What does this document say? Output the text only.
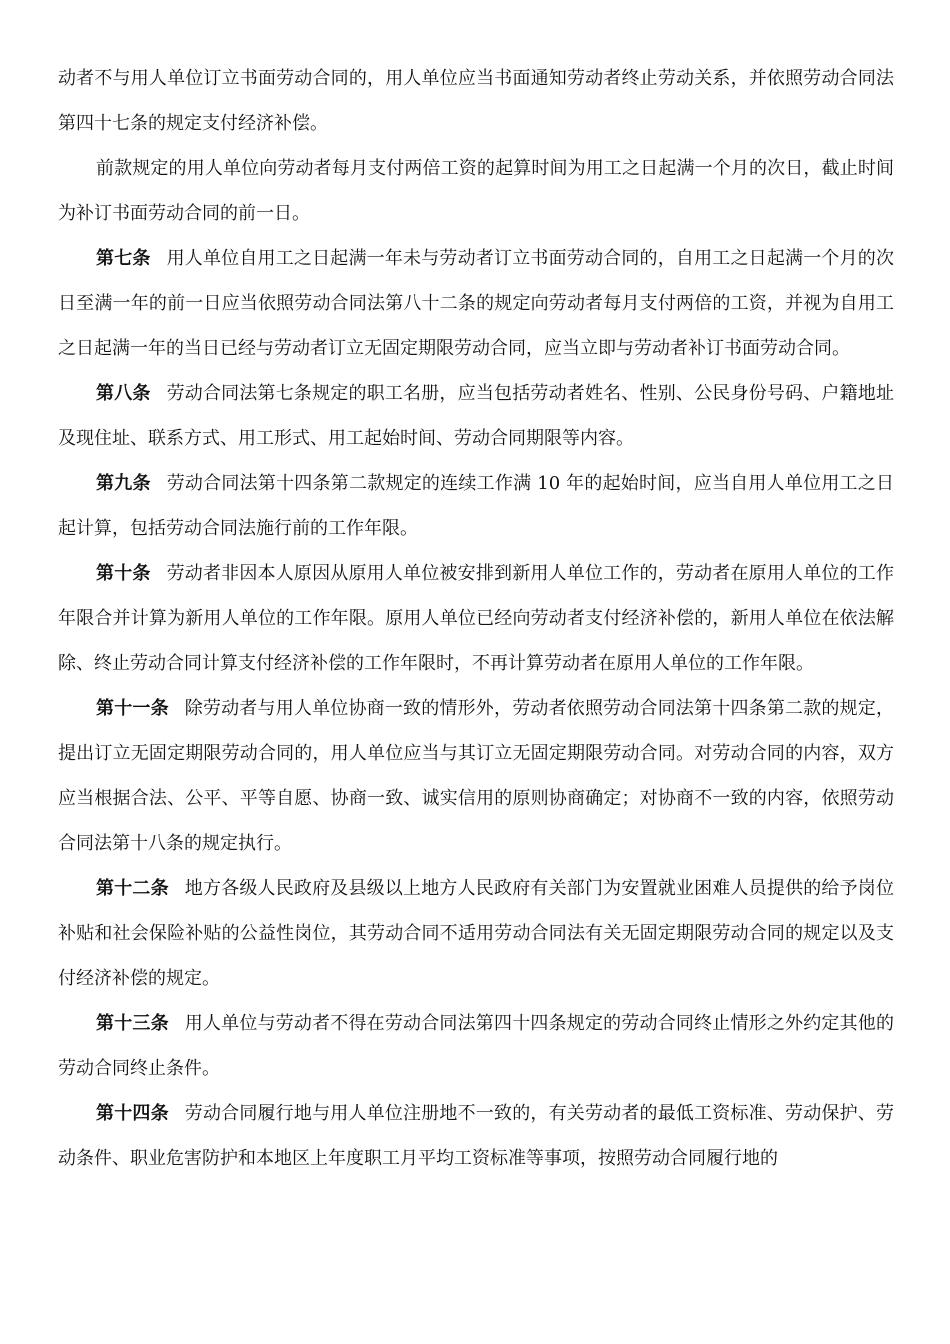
动者不与用人单位订立书面劳动合同的，用人单位应当书面通知劳动者终止劳动关系，并依照劳动合同法第四十七条的规定支付经济补偿。

前款规定的用人单位向劳动者每月支付两倍工资的起算时间为用工之日起满一个月的次日，截止时间为补订书面劳动合同的前一日。

第七条 用人单位自用工之日起满一年未与劳动者订立书面劳动合同的，自用工之日起满一个月的次日至满一年的前一日应当依照劳动合同法第八十二条的规定向劳动者每月支付两倍的工资，并视为自用工之日起满一年的当日已经与劳动者订立无固定期限劳动合同，应当立即与劳动者补订书面劳动合同。

第八条 劳动合同法第七条规定的职工名册，应当包括劳动者姓名、性别、公民身份号码、户籍地址及现住址、联系方式、用工形式、用工起始时间、劳动合同期限等内容。

第九条 劳动合同法第十四条第二款规定的连续工作满 10 年的起始时间，应当自用人单位用工之日起计算，包括劳动合同法施行前的工作年限。

第十条 劳动者非因本人原因从原用人单位被安排到新用人单位工作的，劳动者在原用人单位的工作年限合并计算为新用人单位的工作年限。原用人单位已经向劳动者支付经济补偿的，新用人单位在依法解除、终止劳动合同计算支付经济补偿的工作年限时，不再计算劳动者在原用人单位的工作年限。

第十一条 除劳动者与用人单位协商一致的情形外，劳动者依照劳动合同法第十四条第二款的规定，提出订立无固定期限劳动合同的，用人单位应当与其订立无固定期限劳动合同。对劳动合同的内容，双方应当根据合法、公平、平等自愿、协商一致、诚实信用的原则协商确定；对协商不一致的内容，依照劳动合同法第十八条的规定执行。

第十二条 地方各级人民政府及县级以上地方人民政府有关部门为安置就业困难人员提供的给予岗位补贴和社会保险补贴的公益性岗位，其劳动合同不适用劳动合同法有关无固定期限劳动合同的规定以及支付经济补偿的规定。

第十三条 用人单位与劳动者不得在劳动合同法第四十四条规定的劳动合同终止情形之外约定其他的劳动合同终止条件。

第十四条 劳动合同履行地与用人单位注册地不一致的，有关劳动者的最低工资标准、劳动保护、劳动条件、职业危害防护和本地区上年度职工月平均工资标准等事项，按照劳动合同履行地的
